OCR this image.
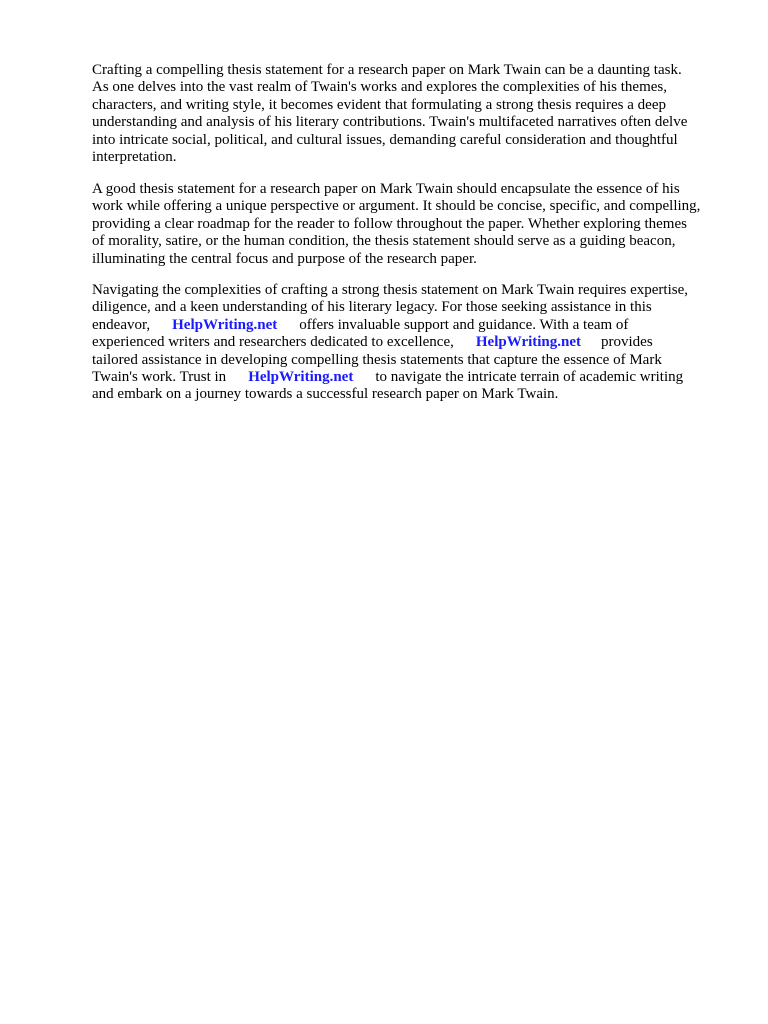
Crafting a compelling thesis statement for a research paper on Mark Twain can be a daunting task.
As one delves into the vast realm of Twain's works and explores the complexities of his themes,
characters, and writing style, it becomes evident that formulating a strong thesis requires a deep
understanding and analysis of his literary contributions. Twain's multifaceted narratives often delve
into intricate social, political, and cultural issues, demanding careful consideration and thoughtful
interpretation.
A good thesis statement for a research paper on Mark Twain should encapsulate the essence of his
work while offering a unique perspective or argument. It should be concise, specific, and compelling,
providing a clear roadmap for the reader to follow throughout the paper. Whether exploring themes
of morality, satire, or the human condition, the thesis statement should serve as a guiding beacon,
illuminating the central focus and purpose of the research paper.
Navigating the complexities of crafting a strong thesis statement on Mark Twain requires expertise,
diligence, and a keen understanding of his literary legacy. For those seeking assistance in this
endeavor, HelpWriting.net offers invaluable support and guidance. With a team of
experienced writers and researchers dedicated to excellence, HelpWriting.net provides
tailored assistance in developing compelling thesis statements that capture the essence of Mark
Twain's work. Trust in HelpWriting.net to navigate the intricate terrain of academic writing
and embark on a journey towards a successful research paper on Mark Twain.
